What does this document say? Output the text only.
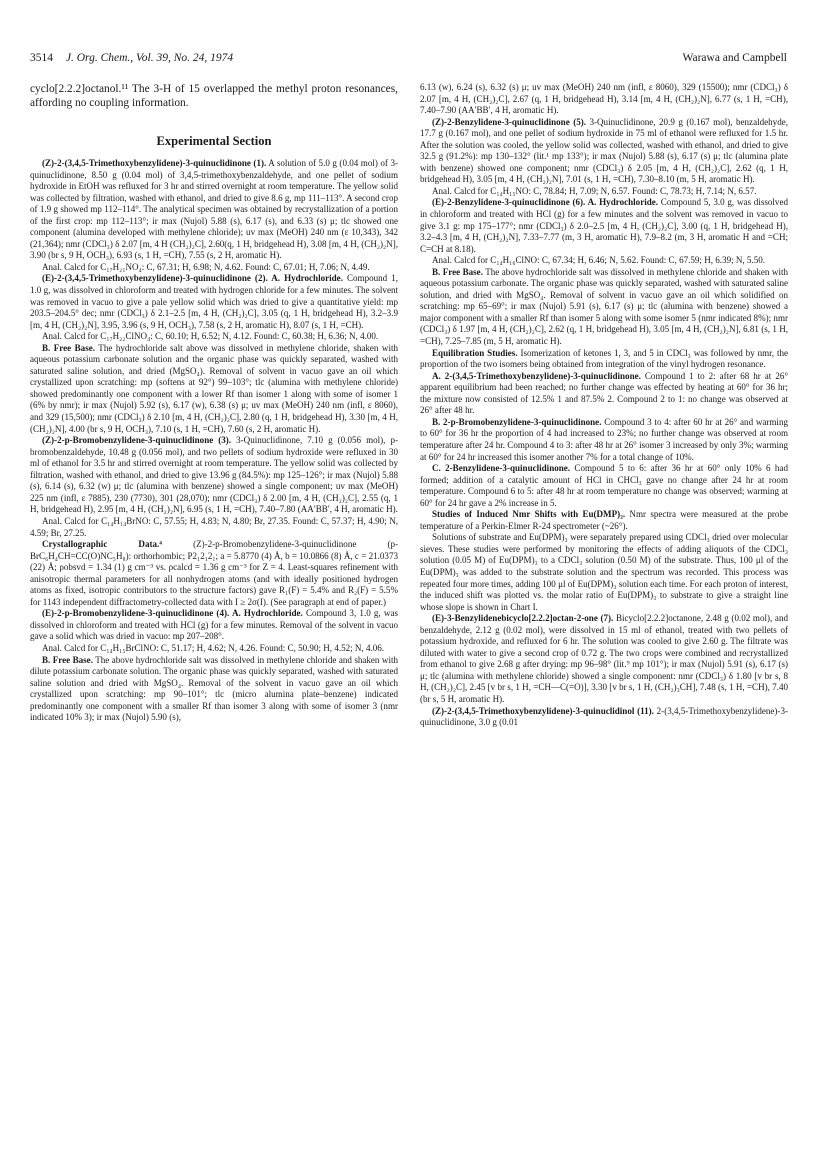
3514 J. Org. Chem., Vol. 39, No. 24, 1974	Warawa and Campbell

cyclo[2.2.2]octanol.¹¹ The 3-H of 15 overlapped the methyl proton resonances, affording no coupling information.

Experimental Section

(Z)-2-(3,4,5-Trimethoxybenzylidene)-3-quinuclidinone (1). A solution of 5.0 g (0.04 mol) of 3-quinuclidinone, 8.50 g (0.04 mol) of 3,4,5-trimethoxybenzaldehyde, and one pellet of sodium hydroxide in EtOH was refluxed for 3 hr and stirred overnight at room temperature. The yellow solid was collected by filtration, washed with ethanol, and dried to give 8.6 g, mp 111–113°. A second crop of 1.9 g showed mp 112–114°. The analytical specimen was obtained by recrystallization of a portion of the first crop: mp 112–113°; ir max (Nujol) 5.88 (s), 6.17 (s), and 6.33 (s) μ; tlc showed one component (alumina developed with methylene chloride); uv max (MeOH) 240 nm (ε 10,343), 342 (21,364); nmr (CDCl₃) δ 2.07 [m, 4 H (CH₂)₂C], 2.60(q, 1 H, bridgehead H), 3.08 [m, 4 H, (CH₂)₂N], 3.90 (br s, 9 H, OCH₃), 6.93 (s, 1 H, =CH), 7.55 (s, 2 H, aromatic H).

Anal. Calcd for C₁₇H₂₁NO₄: C, 67.31; H, 6.98; N, 4.62. Found: C, 67.01; H, 7.06; N, 4.49.

(E)-2-(3,4,5-Trimethoxybenzylidene)-3-quinuclidinone (2). A. Hydrochloride. Compound 1, 1.0 g, was dissolved in chloroform and treated with hydrogen chloride for a few minutes. The solvent was removed in vacuo to give a pale yellow solid which was dried to give a quantitative yield: mp 203.5–204.5° dec; nmr (CDCl₃) δ 2.1–2.5 [m, 4 H, (CH₂)₂C], 3.05 (q, 1 H, bridgehead H), 3.2–3.9 [m, 4 H, (CH₂)₂N], 3.95, 3.96 (s, 9 H, OCH₃), 7.58 (s, 2 H, aromatic H), 8.07 (s, 1 H, =CH).

Anal. Calcd for C₁₇H₂₂ClNO₄: C, 60.10; H, 6.52; N, 4.12. Found: C, 60.38; H, 6.36; N, 4.00.

B. Free Base. The hydrochloride salt above was dissolved in methylene chloride, shaken with aqueous potassium carbonate solution and the organic phase was quickly separated, washed with saturated saline solution, and dried (MgSO₄). Removal of solvent in vacuo gave an oil which crystallized upon scratching: mp (softens at 92°) 99–103°; tlc (alumina with methylene chloride) showed predominantly one component with a lower Rf than isomer 1 along with some of isomer 1 (6% by nmr); ir max (Nujol) 5.92 (s), 6.17 (w), 6.38 (s) μ; uv max (MeOH) 240 nm (infl, ε 8060), and 329 (15,500); nmr (CDCl₃) δ 2.10 [m, 4 H, (CH₂)₂C], 2.80 (q, 1 H, bridgehead H), 3.30 [m, 4 H, (CH₂)₂N], 4.00 (br s, 9 H, OCH₃), 7.10 (s, 1 H, =CH), 7.60 (s, 2 H, aromatic H).

(Z)-2-p-Bromobenzylidene-3-quinuclidinone (3). 3-Quinuclidinone, 7.10 g (0.056 mol), p-bromobenzaldehyde, 10.48 g (0.056 mol), and two pellets of sodium hydroxide were refluxed in 30 ml of ethanol for 3.5 hr and stirred overnight at room temperature. The yellow solid was collected by filtration, washed with ethanol, and dried to give 13.96 g (84.5%): mp 125–126°; ir max (Nujol) 5.88 (s), 6.14 (s), 6.32 (w) μ; tlc (alumina with benzene) showed a single component; uv max (MeOH) 225 nm (infl, ε 7885), 230 (7730), 301 (28,070); nmr (CDCl₃) δ 2.00 [m, 4 H, (CH₂)₂C], 2.55 (q, 1 H, bridgehead H), 2.95 [m, 4 H, (CH₂)₂N], 6.95 (s, 1 H, =CH), 7.40–7.80 (AA′BB′, 4 H, aromatic H).

Anal. Calcd for C₁₄H₁₄BrNO: C, 57.55; H, 4.83; N, 4.80; Br, 27.35. Found: C, 57.37; H, 4.90; N, 4.59; Br, 27.25.

Crystallographic Data.⁴ (Z)-2-p-Bromobenzylidene-3-quinuclidinone (p-BrC₆H₄CH=CC(O)NC₅H₈): orthorhombic; P2₁2₁2₁; a = 5.8770 (4) Å, b = 10.0866 (8) Å, c = 21.0373 (22) Å; ρobsvd = 1.34 (1) g cm⁻³ vs. ρcalcd = 1.36 g cm⁻³ for Z = 4. Least-squares refinement with anisotropic thermal parameters for all nonhydrogen atoms (and with ideally positioned hydrogen atoms as fixed, isotropic contributors to the structure factors) gave R₁(F) = 5.4% and R₂(F) = 5.5% for 1143 independent diffractometry-collected data with I ≥ 2σ(I). (See paragraph at end of paper.)

(E)-2-p-Bromobenzylidene-3-quinuclidinone (4). A. Hydrochloride. Compound 3, 1.0 g, was dissolved in chloroform and treated with HCl (g) for a few minutes. Removal of the solvent in vacuo gave a solid which was dried in vacuo: mp 207–208°.

Anal. Calcd for C₁₄H₁₅BrClNO: C, 51.17; H, 4.62; N, 4.26. Found: C, 50.90; H, 4.52; N, 4.06.

B. Free Base. The above hydrochloride salt was dissolved in methylene chloride and shaken with dilute potassium carbonate solution. The organic phase was quickly separated, washed with saturated saline solution and dried with MgSO₄. Removal of the solvent in vacuo gave an oil which crystallized upon scratching: mp 90–101°; tlc (micro alumina plate–benzene) indicated predominantly one component with a smaller Rf than isomer 3 along with some of isomer 3 (nmr indicated 10% 3); ir max (Nujol) 5.90 (s),

6.13 (w), 6.24 (s), 6.32 (s) μ; uv max (MeOH) 240 nm (infl, ε 8060), 329 (15500); nmr (CDCl₃) δ 2.07 [m, 4 H, (CH₂)₂C], 2.67 (q, 1 H, bridgehead H), 3.14 [m, 4 H, (CH₂)₂N], 6.77 (s, 1 H, =CH), 7.40–7.90 (AA′BB′, 4 H, aromatic H).

(Z)-2-Benzylidene-3-quinuclidinone (5). 3-Quinuclidinone, 20.9 g (0.167 mol), benzaldehyde, 17.7 g (0.167 mol), and one pellet of sodium hydroxide in 75 ml of ethanol were refluxed for 1.5 hr. After the solution was cooled, the yellow solid was collected, washed with ethanol, and dried to give 32.5 g (91.2%): mp 130–132° (lit.¹ mp 133°); ir max (Nujol) 5.88 (s), 6.17 (s) μ; tlc (alumina plate with benzene) showed one component; nmr (CDCl₃) δ 2.05 [m, 4 H, (CH₂)₂C], 2.62 (q, 1 H, bridgehead H), 3.05 [m, 4 H, (CH₂)₂N], 7.01 (s, 1 H, =CH), 7.30–8.10 (m, 5 H, aromatic H).

Anal. Calcd for C₁₄H₁₅NO: C, 78.84; H, 7.09; N, 6.57. Found: C, 78.73; H, 7.14; N, 6.57.

(E)-2-Benzylidene-3-quinuclidinone (6). A. Hydrochloride. Compound 5, 3.0 g, was dissolved in chloroform and treated with HCl (g) for a few minutes and the solvent was removed in vacuo to give 3.1 g: mp 175–177°; nmr (CDCl₃) δ 2.0–2.5 [m, 4 H, (CH₂)₂C], 3.00 (q, 1 H, bridgehead H), 3.2–4.3 [m, 4 H, (CH₂)₂N], 7.33–7.77 (m, 3 H, aromatic H), 7.9–8.2 (m, 3 H, aromatic H and =CH; C=CH at 8.18).

Anal. Calcd for C₁₄H₁₆ClNO: C, 67.34; H, 6.46; N, 5.62. Found: C, 67.59; H, 6.39; N, 5.50.

B. Free Base. The above hydrochloride salt was dissolved in methylene chloride and shaken with aqueous potassium carbonate. The organic phase was quickly separated, washed with saturated saline solution, and dried with MgSO₄. Removal of solvent in vacuo gave an oil which solidified on scratching: mp 65–69°; ir max (Nujol) 5.91 (s), 6.17 (s) μ; tlc (alumina with benzene) showed a major component with a smaller Rf than isomer 5 along with some isomer 5 (nmr indicated 8%); nmr (CDCl₃) δ 1.97 [m, 4 H, (CH₂)₂C], 2.62 (q, 1 H, bridgehead H), 3.05 [m, 4 H, (CH₂)₂N], 6.81 (s, 1 H, =CH), 7.25–7.85 (m, 5 H, aromatic H).

Equilibration Studies. Isomerization of ketones 1, 3, and 5 in CDCl₃ was followed by nmr, the proportion of the two isomers being obtained from integration of the vinyl hydrogen resonance.

A. 2-(3,4,5-Trimethoxybenzylidene)-3-quinuclidinone. Compound 1 to 2: after 68 hr at 26° apparent equilibrium had been reached; no further change was effected by heating at 60° for 36 hr; the mixture now consisted of 12.5% 1 and 87.5% 2. Compound 2 to 1: no change was observed at 26° after 48 hr.

B. 2-p-Bromobenzylidene-3-quinuclidinone. Compound 3 to 4: after 60 hr at 26° and warming to 60° for 36 hr the proportion of 4 had increased to 23%; no further change was observed at room temperature after 24 hr. Compound 4 to 3: after 48 hr at 26° isomer 3 increased by only 3%; warming at 60° for 24 hr increased this isomer another 7% for a total change of 10%.

C. 2-Benzylidene-3-quinuclidinone. Compound 5 to 6: after 36 hr at 60° only 10% 6 had formed; addition of a catalytic amount of HCl in CHCl₃ gave no change after 24 hr at room temperature. Compound 6 to 5: after 48 hr at room temperature no change was observed; warming at 60° for 24 hr gave a 2% increase in 5.

Studies of Induced Nmr Shifts with Eu(DMP)₃. Nmr spectra were measured at the probe temperature of a Perkin-Elmer R-24 spectrometer (~26°).

Solutions of substrate and Eu(DPM)₃ were separately prepared using CDCl₃ dried over molecular sieves. These studies were performed by monitoring the effects of adding aliquots of the CDCl₃ solution (0.05 M) of Eu(DPM)₃ to a CDCl₃ solution (0.50 M) of the substrate. Thus, 100 μl of the Eu(DPM)₃ was added to the substrate solution and the spectrum was recorded. This process was repeated four more times, adding 100 μl of Eu(DPM)₃ solution each time. For each proton of interest, the induced shift was plotted vs. the molar ratio of Eu(DPM)₃ to substrate to give a straight line whose slope is shown in Chart I.

(E)-3-Benzylidenebicyclo[2.2.2]octan-2-one (7). Bicyclo[2.2.2]octanone, 2.48 g (0.02 mol), and benzaldehyde, 2.12 g (0.02 mol), were dissolved in 15 ml of ethanol, treated with two pellets of potassium hydroxide, and refluxed for 6 hr. The solution was cooled to give 2.60 g. The filtrate was diluted with water to give a second crop of 0.72 g. The two crops were combined and recrystallized from ethanol to give 2.68 g after drying: mp 96–98° (lit.⁹ mp 101°); ir max (Nujol) 5.91 (s), 6.17 (s) μ; tlc (alumina with methylene chloride) showed a single component: nmr (CDCl₃) δ 1.80 [v br s, 8 H, (CH₂)₂C], 2.45 [v br s, 1 H, =CH—C(=O)], 3.30 [v br s, 1 H, (CH₂)₃CH], 7.48 (s, 1 H, =CH), 7.40 (br s, 5 H, aromatic H).

(Z)-2-(3,4,5-Trimethoxybenzylidene)-3-quinuclidinol (11). 2-(3,4,5-Trimethoxybenzylidene)-3-quinuclidinone, 3.0 g (0.01
